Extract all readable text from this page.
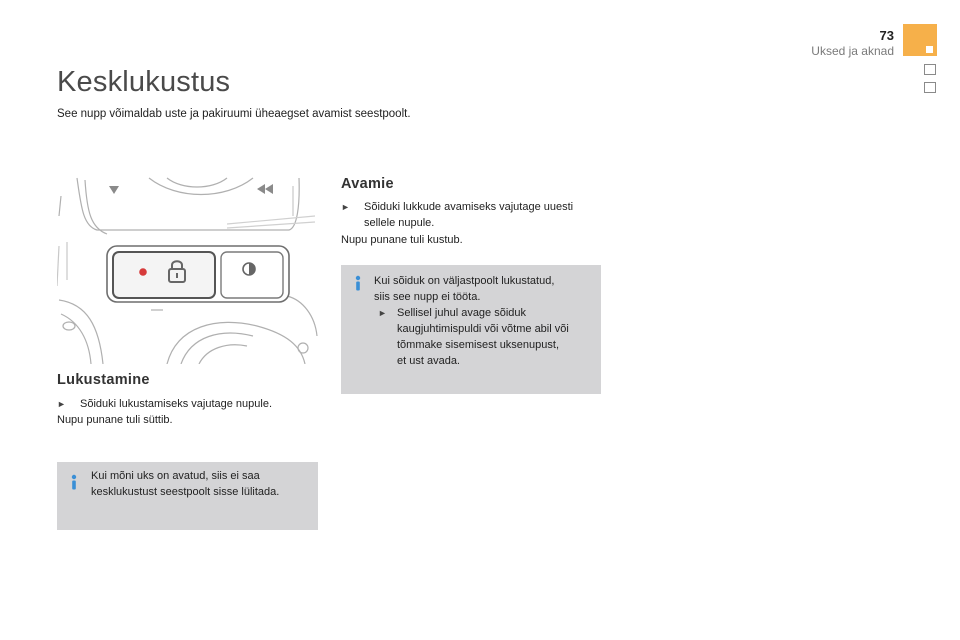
73
Uksed ja aknad
Kesklukustus
See nupp võimaldab uste ja pakiruumi üheaegset avamist seestpoolt.
Lukustamine
► Sõiduki lukustamiseks vajutage nupule.
Nupu punane tuli süttib.
Kui mõni uks on avatud, siis ei saa
kesklukustust seestpoolt sisse lülitada.
Avamie
► Sõiduki lukkude avamiseks vajutage uuesti
sellele nupule.
Nupu punane tuli kustub.
Kui sõiduk on väljastpoolt lukustatud,
siis see nupp ei tööta.
► Sellisel juhul avage sõiduk
kaugjuhtimispuldi või võtme abil või
tõmmake sisemisest uksenupust,
et ust avada.
